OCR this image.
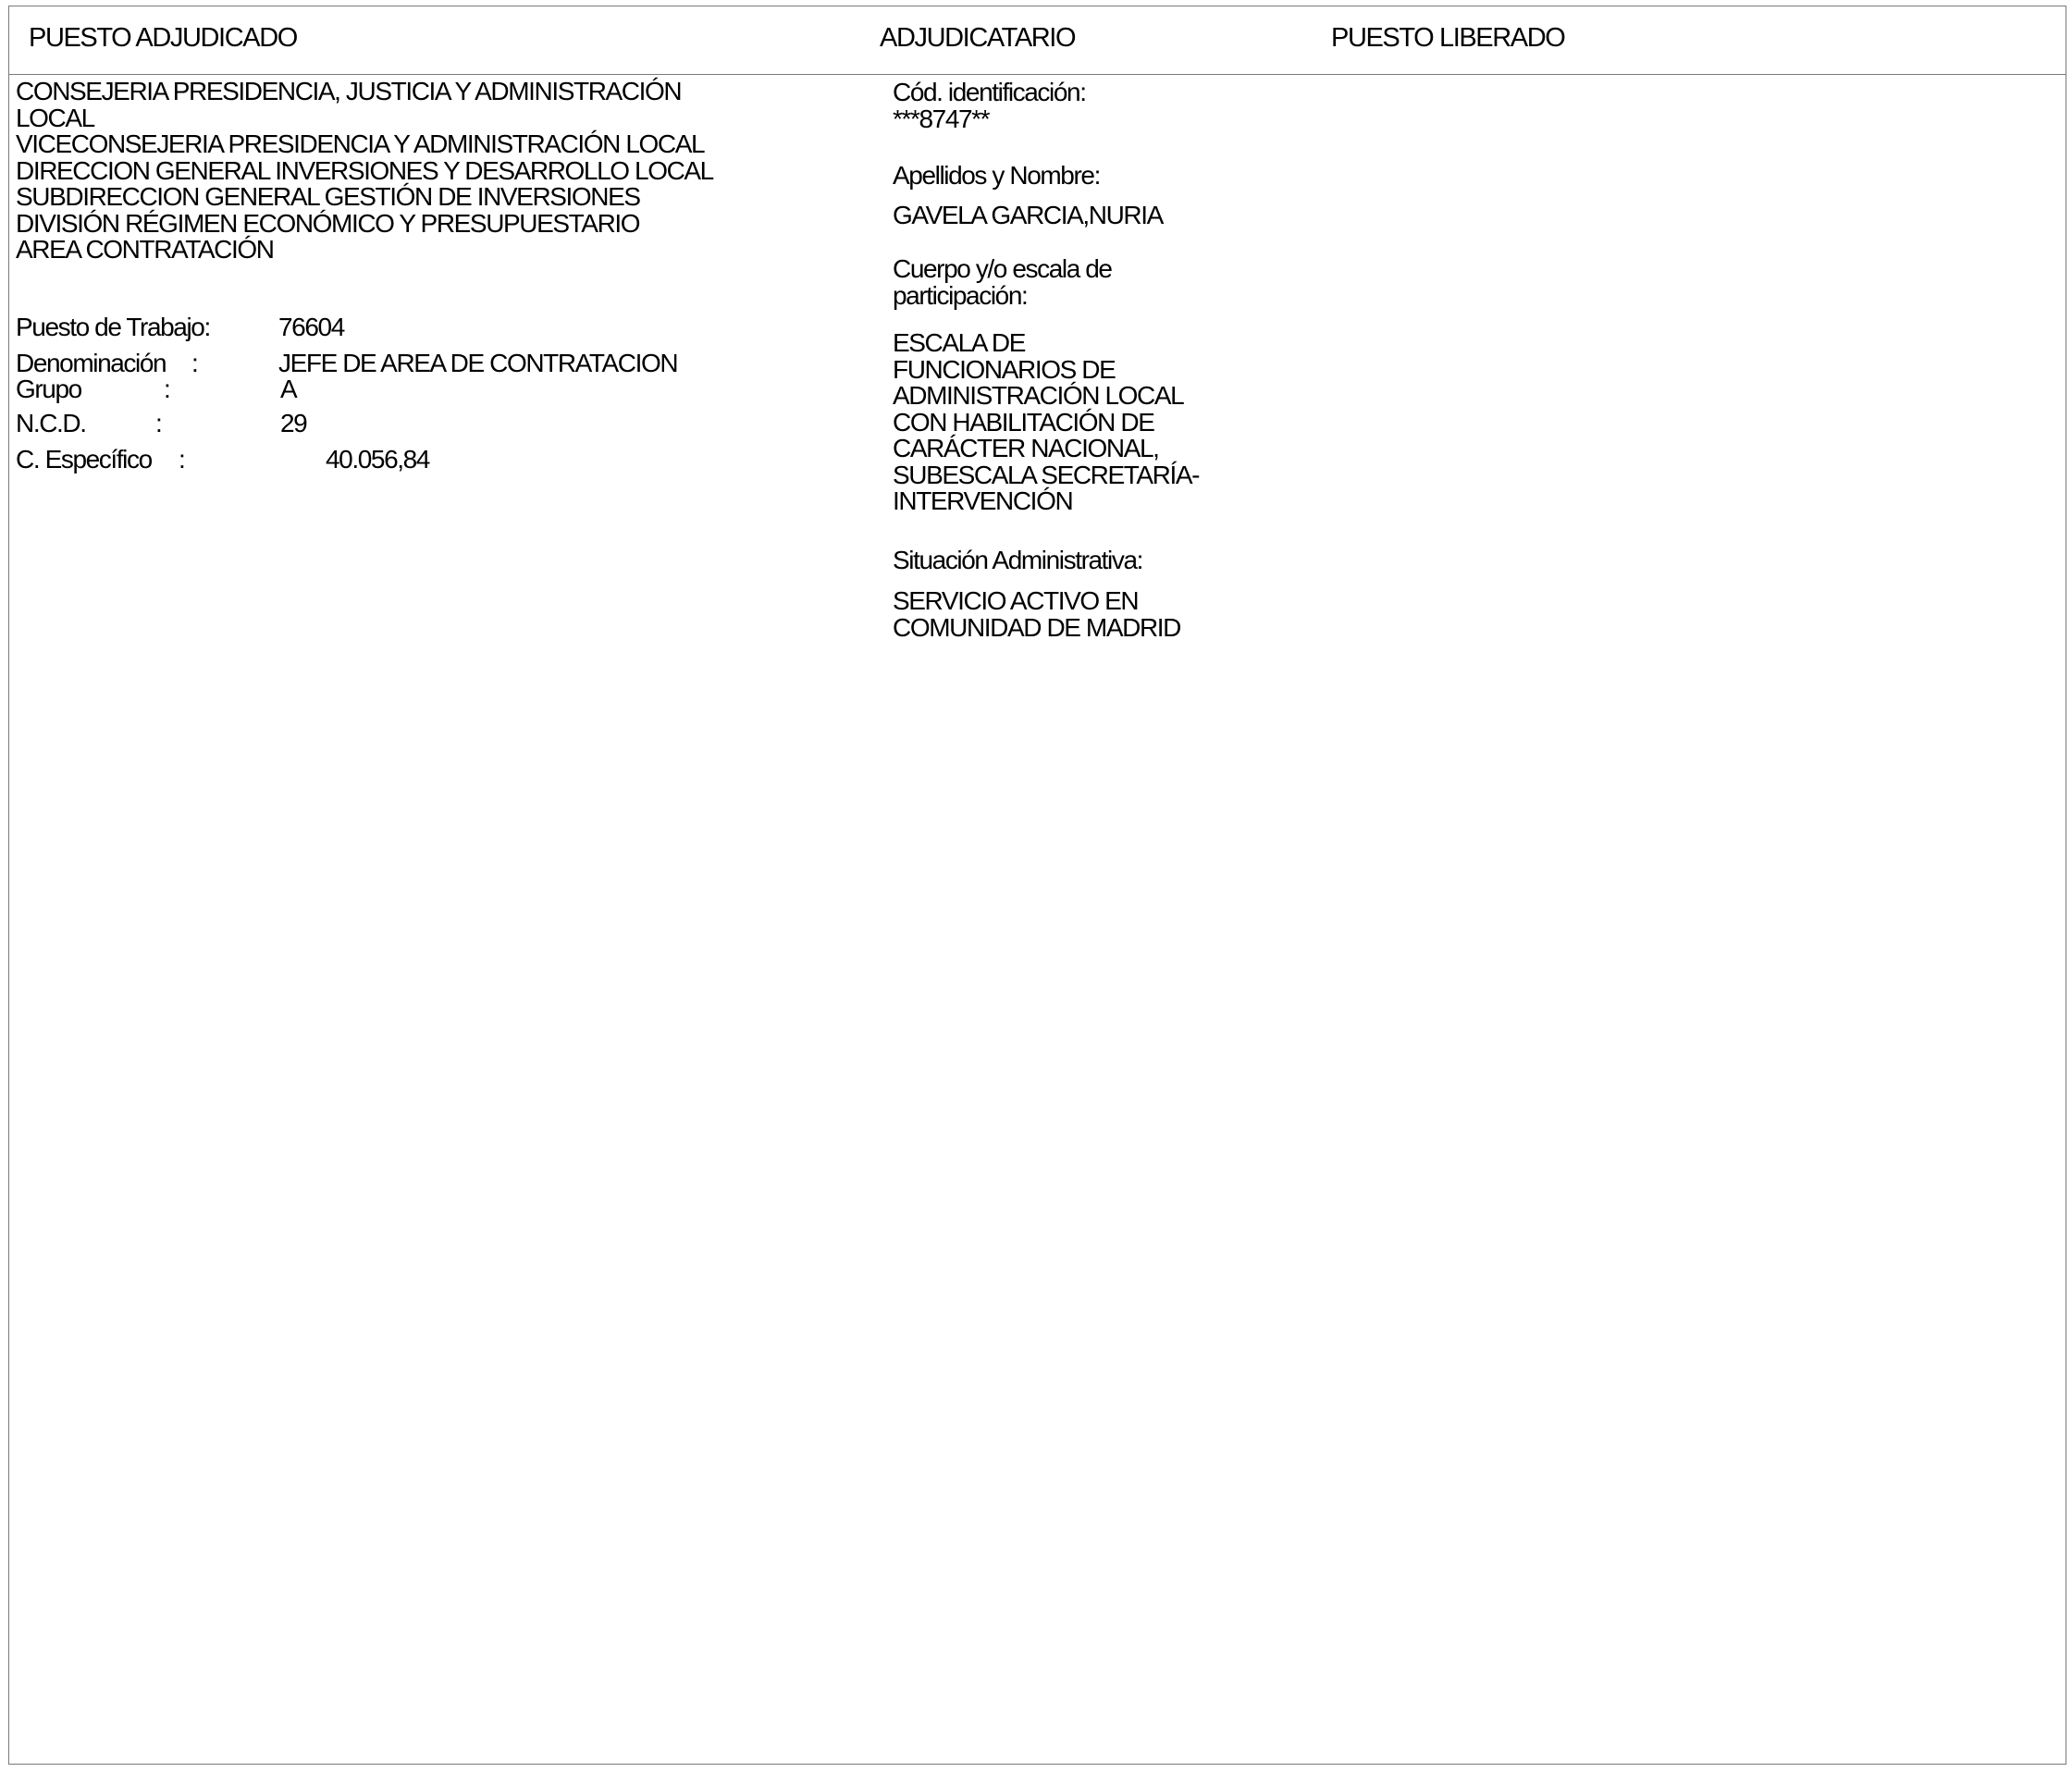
PUESTO ADJUDICADO	ADJUDICATARIO	PUESTO LIBERADO
CONSEJERIA PRESIDENCIA, JUSTICIA Y ADMINISTRACIÓN
LOCAL
VICECONSEJERIA PRESIDENCIA Y ADMINISTRACIÓN LOCAL
DIRECCION GENERAL INVERSIONES Y DESARROLLO LOCAL
SUBDIRECCION GENERAL GESTIÓN DE INVERSIONES
DIVISIÓN RÉGIMEN ECONÓMICO Y PRESUPUESTARIO
AREA CONTRATACIÓN
Puesto de Trabajo:	76604
Denominación :	JEFE DE AREA DE CONTRATACION
Grupo	:	A
N.C.D.	:	29
C. Específico :	40.056,84
Cód. identificación:
***8747**
Apellidos y Nombre:
GAVELA GARCIA,NURIA
Cuerpo y/o escala de
participación:
ESCALA DE
FUNCIONARIOS DE
ADMINISTRACIÓN LOCAL
CON HABILITACIÓN DE
CARÁCTER NACIONAL,
SUBESCALA SECRETARÍA-
INTERVENCIÓN
Situación Administrativa:
SERVICIO ACTIVO EN
COMUNIDAD DE MADRID
